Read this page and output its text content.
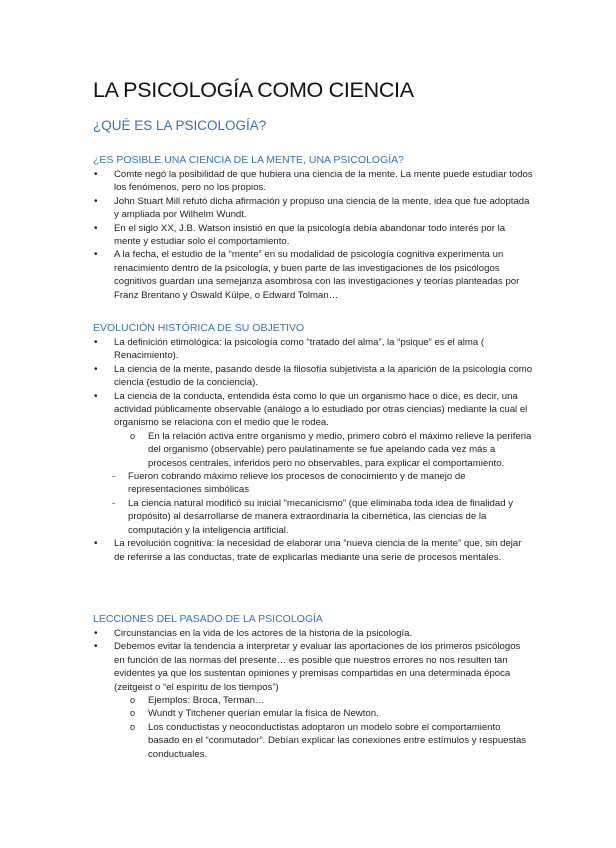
LA PSICOLOGÍA COMO CIENCIA
¿QUÉ ES LA PSICOLOGÍA?
¿ES POSIBLE UNA CIENCIA DE LA MENTE, UNA PSICOLOGÍA?
• Comte negó la posibilidad de que hubiera una ciencia de la mente. La mente puede estudiar todos los fenómenos, pero no los propios.
• John Stuart Mill refutó dicha afirmación y propuso una ciencia de la mente, idea que fue adoptada y ampliada por Wilhelm Wundt.
• En el siglo XX, J.B. Watson insistió en que la psicología debía abandonar todo interés por la mente y estudiar solo el comportamiento.
• A la fecha, el estudio de la “mente” en su modalidad de psicología cognitiva experimenta un renacimiento dentro de la psicología, y buen parte de las investigaciones de los psicólogos cognitivos guardan una semejanza asombrosa con las investigaciones y teorías planteadas por Franz Brentano y Oswald Külpe, o Edward Tolman…
EVOLUCIÓN HISTÓRICA DE SU OBJETIVO
• La definición etimológica: la psicología como “tratado del alma”, la “psique” es el alma ( Renacimiento).
• La ciencia de la mente, pasando desde la filosofía subjetivista a la aparición de la psicología como ciencia (estudio de la conciencia).
• La ciencia de la conducta, entendida ésta como lo que un organismo hace o dice, es decir, una actividad públicamente observable (análogo a lo estudiado por otras ciencias) mediante la cual el organismo se relaciona con el medio que le rodea.
o En la relación activa entre organismo y medio, primero cobró el máximo relieve la periferia del organismo (observable) pero paulatinamente se fue apelando cada vez más a procesos centrales, inferidos pero no observables, para explicar el comportamiento.
- Fueron cobrando máximo relieve los procesos de conocimiento y de manejo de representaciones simbólicas
- La ciencia natural modificó su inicial “mecanicismo” (que eliminaba toda idea de finalidad y propósito) al desarrollarse de manera extraordinaria la cibernética, las ciencias de la computación y la inteligencia artificial.
• La revolución cognitiva: la necesidad de elaborar una “nueva ciencia de la mente” que, sin dejar de referirse a las conductas, trate de explicarlas mediante una serie de procesos mentales.
LECCIONES DEL PASADO DE LA PSICOLOGÍA
• Circunstancias en la vida de los actores de la historia de la psicología.
• Debemos evitar la tendencia a interpretar y evaluar las aportaciones de los primeros psicólogos en función de las normas del presente… es posible que nuestros errores no nos resulten tan evidentes ya que los sustentan opiniones y premisas compartidas en una determinada época (zeitgeist o “el espíritu de los tiempos”)
o Ejemplos: Broca, Terman…
o Wundt y Titchener querían emular la física de Newton.
o Los conductistas y neoconductistas adoptaron un modelo sobre el comportamiento basado en el “conmutador”. Debían explicar las conexiones entre estímulos y respuestas conductuales.
